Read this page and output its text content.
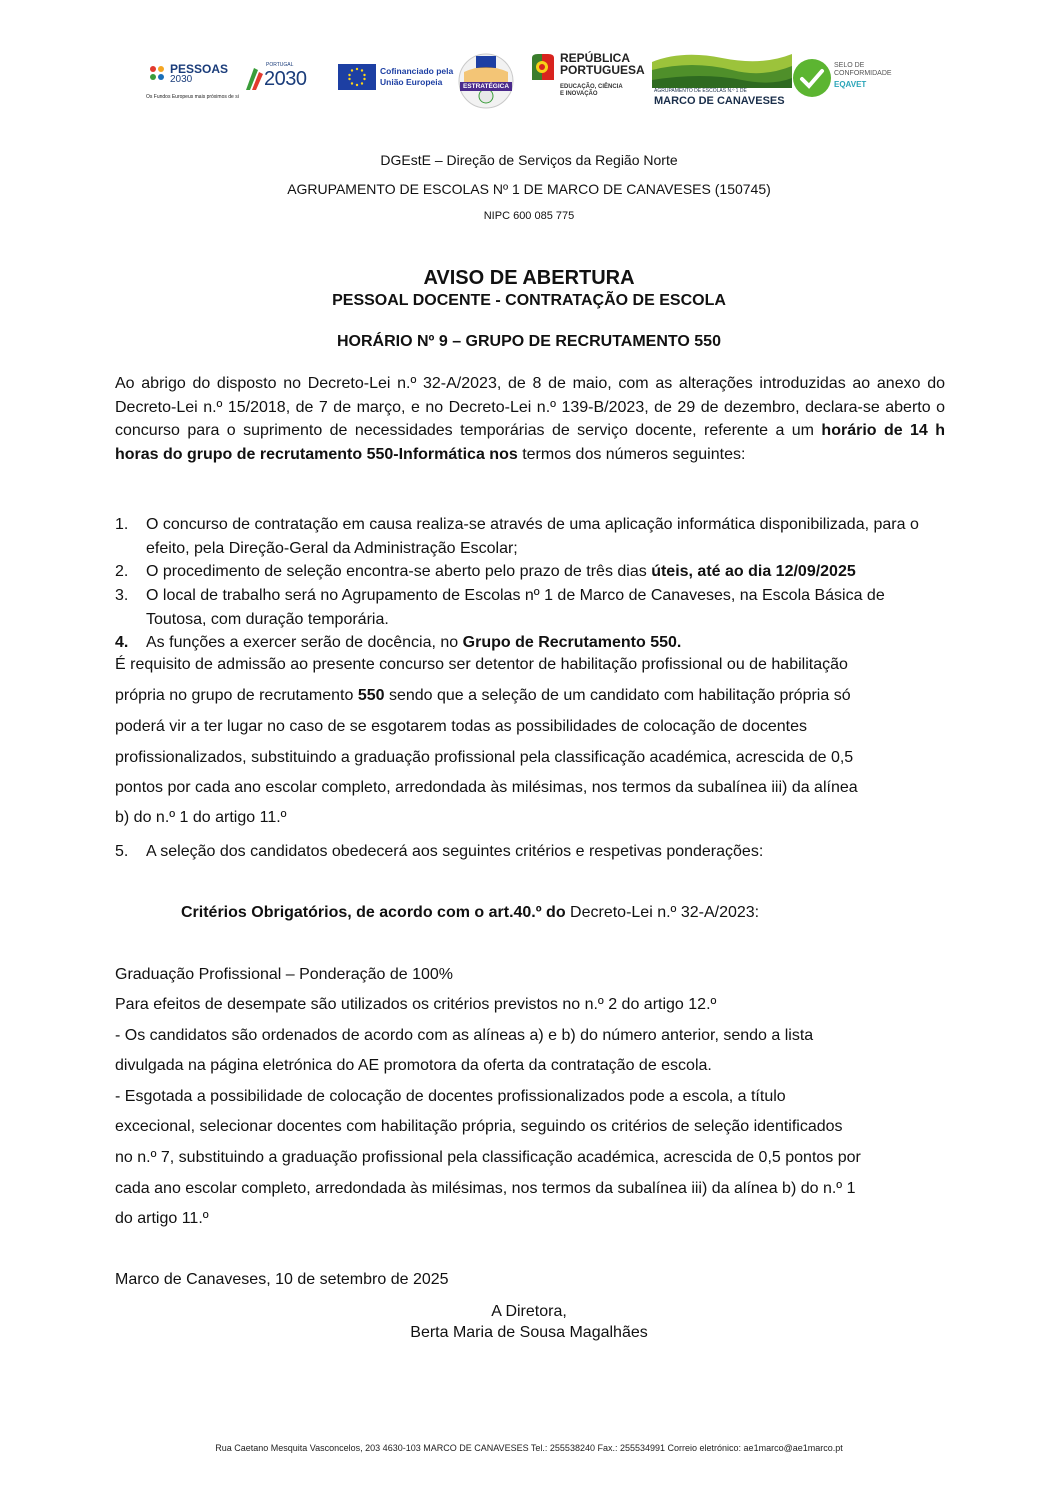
PESSOAS
2030
Os Fundos Europeus mais próximos de si
PORTUGAL
2030	Cofinanciado pela
União Europeia	ESTRATÉGICA
REPÚBLICA
PORTUGUESA
EDUCAÇÃO, CIÊNCIA
E INOVAÇÃO	AGRUPAMENTO DE ESCOLAS N.º 1 DE
MARCO DE CANAVESES
SELO DE
CONFORMIDADE
EQAVET
DGEstE – Direção de Serviços da Região Norte
AGRUPAMENTO DE ESCOLAS Nº 1 DE MARCO DE CANAVESES (150745)
NIPC 600 085 775
AVISO DE ABERTURA
PESSOAL DOCENTE - CONTRATAÇÃO DE ESCOLA
HORÁRIO Nº 9 – GRUPO DE RECRUTAMENTO 550
Ao abrigo do disposto no Decreto-Lei n.º 32-A/2023, de 8 de maio, com as alterações introduzidas ao anexo do Decreto-Lei n.º 15/2018, de 7 de março, e no Decreto-Lei n.º 139-B/2023, de 29 de dezembro, declara-se aberto o concurso para o suprimento de necessidades temporárias de serviço docente, referente a um horário de 14 h horas do grupo de recrutamento 550-Informática nos termos dos números seguintes:
1. O concurso de contratação em causa realiza-se através de uma aplicação informática disponibilizada, para o efeito, pela Direção-Geral da Administração Escolar;
2. O procedimento de seleção encontra-se aberto pelo prazo de três dias úteis, até ao dia 12/09/2025
3. O local de trabalho será no Agrupamento de Escolas nº 1 de Marco de Canaveses, na Escola Básica de Toutosa, com duração temporária.
4. As funções a exercer serão de docência, no Grupo de Recrutamento 550.
É requisito de admissão ao presente concurso ser detentor de habilitação profissional ou de habilitação
própria no grupo de recrutamento 550 sendo que a seleção de um candidato com habilitação própria só
poderá vir a ter lugar no caso de se esgotarem todas as possibilidades de colocação de docentes
profissionalizados, substituindo a graduação profissional pela classificação académica, acrescida de 0,5
pontos por cada ano escolar completo, arredondada às milésimas, nos termos da subalínea iii) da alínea
b) do n.º 1 do artigo 11.º
5. A seleção dos candidatos obedecerá aos seguintes critérios e respetivas ponderações:
Critérios Obrigatórios, de acordo com o art.40.º do Decreto-Lei n.º 32-A/2023:
Graduação Profissional – Ponderação de 100%
Para efeitos de desempate são utilizados os critérios previstos no n.º 2 do artigo 12.º
- Os candidatos são ordenados de acordo com as alíneas a) e b) do número anterior, sendo a lista
divulgada na página eletrónica do AE promotora da oferta da contratação de escola.
- Esgotada a possibilidade de colocação de docentes profissionalizados pode a escola, a título
excecional, selecionar docentes com habilitação própria, seguindo os critérios de seleção identificados
no n.º 7, substituindo a graduação profissional pela classificação académica, acrescida de 0,5 pontos por
cada ano escolar completo, arredondada às milésimas, nos termos da subalínea iii) da alínea b) do n.º 1
do artigo 11.º
Marco de Canaveses, 10 de setembro de 2025
A Diretora,
Berta Maria de Sousa Magalhães
Rua Caetano Mesquita Vasconcelos, 203 4630-103 MARCO DE CANAVESES Tel.: 255538240 Fax.: 255534991 Correio eletrónico: ae1marco@ae1marco.pt
